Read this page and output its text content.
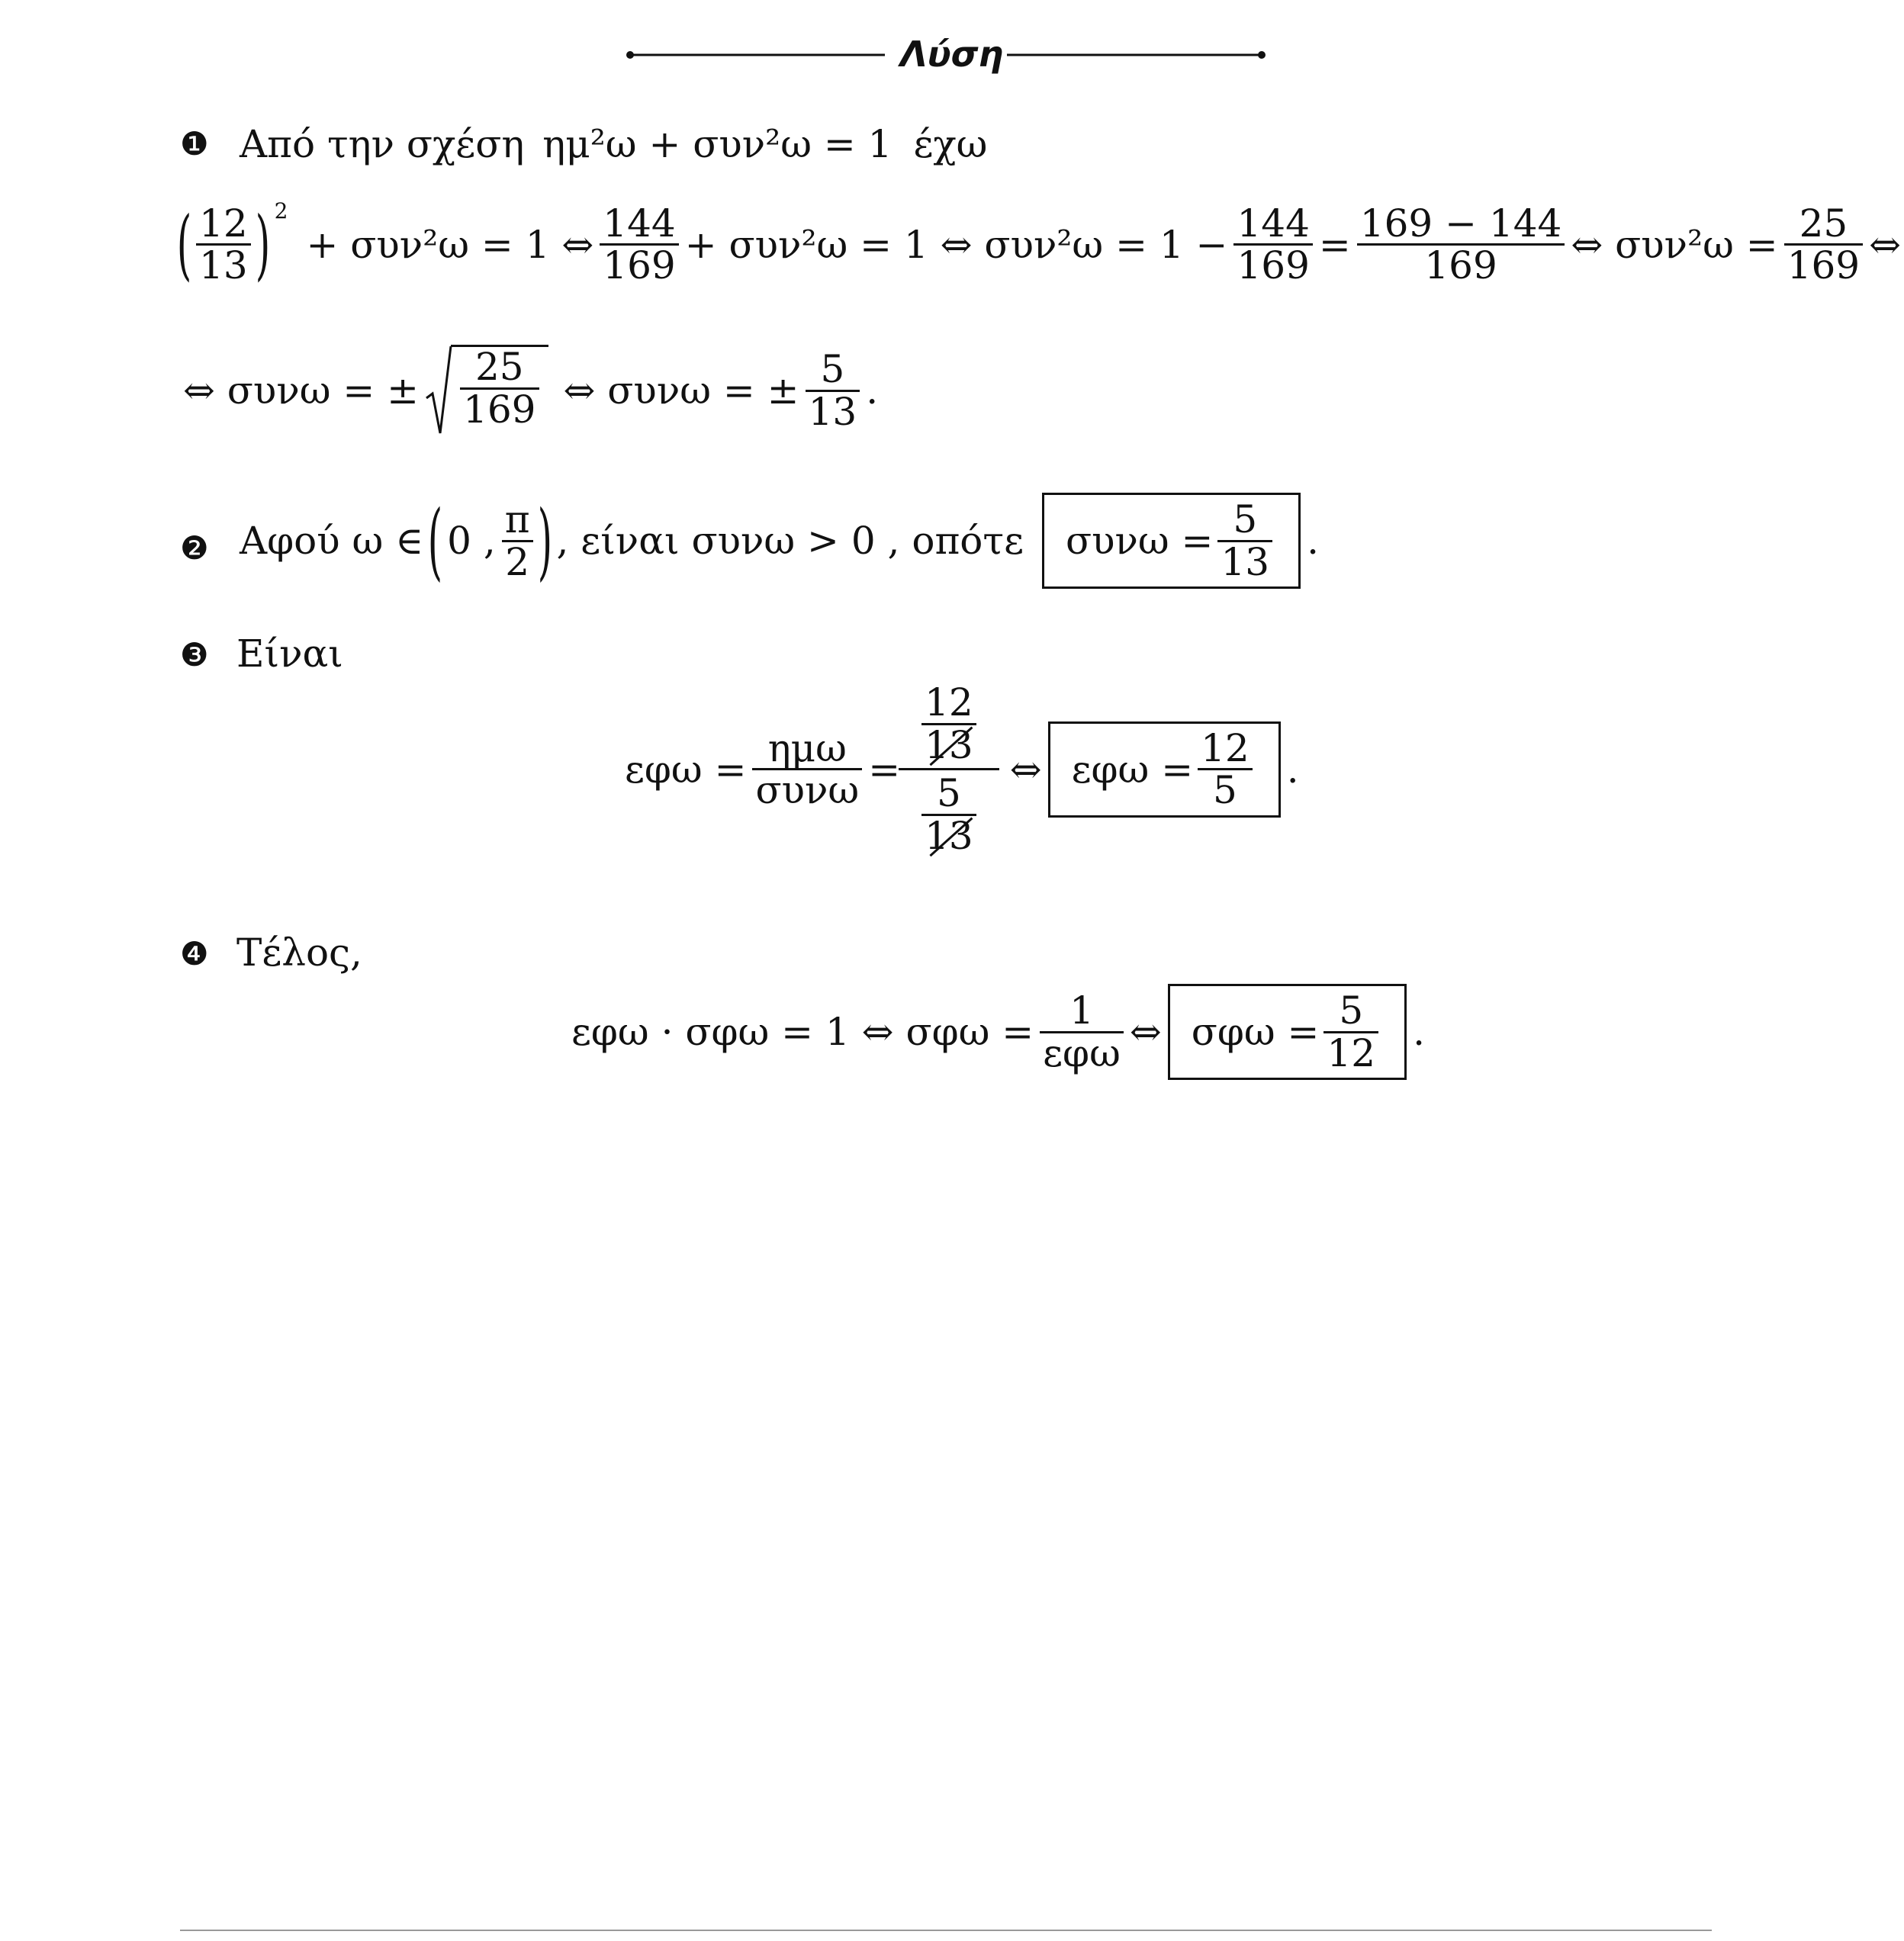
Λύση
❶ Από την σχέση ημ²ω + συν²ω = 1 έχω
( $\frac{12}{13}$ ) 2
+ συν²ω = 1 ⇔ $\frac{144}{169} + \sigma\upsilon\nu^2\omega = 1$ ⇔ $\sigma\upsilon\nu^2\omega = 1 - \frac{144}{169} = \frac{169 - 144}{169}$ ⇔ $\sigma\upsilon\nu^2\omega = \frac{25}{169}$ ⇔
⇔ συνω = ± $\frac{25}{169}$ ⇔ συνω = ± $\frac{5}{13}$ .
❷ Αφού ω ∈ ( 0 , $\frac{\pi}{2}$ ) , είναι συνω > 0 , οπότε $\sigma\upsilon\nu\omega = \frac{5}{13}$ .
❸ Είναι
$\varepsilon\varphi\omega = \frac{\text{ημω}}{\text{συνω}} = \frac{\frac{12}{13}}{\frac{5}{13}}$ ⇔ $\varepsilon\varphi\omega = \frac{12}{5}$ .
❹ Τέλος,
εφω · σφω = 1 ⇔ $\sigma\varphi\omega = \frac{1}{\text{εφω}}$ ⇔ $\sigma\varphi\omega = \frac{5}{12}$ .
